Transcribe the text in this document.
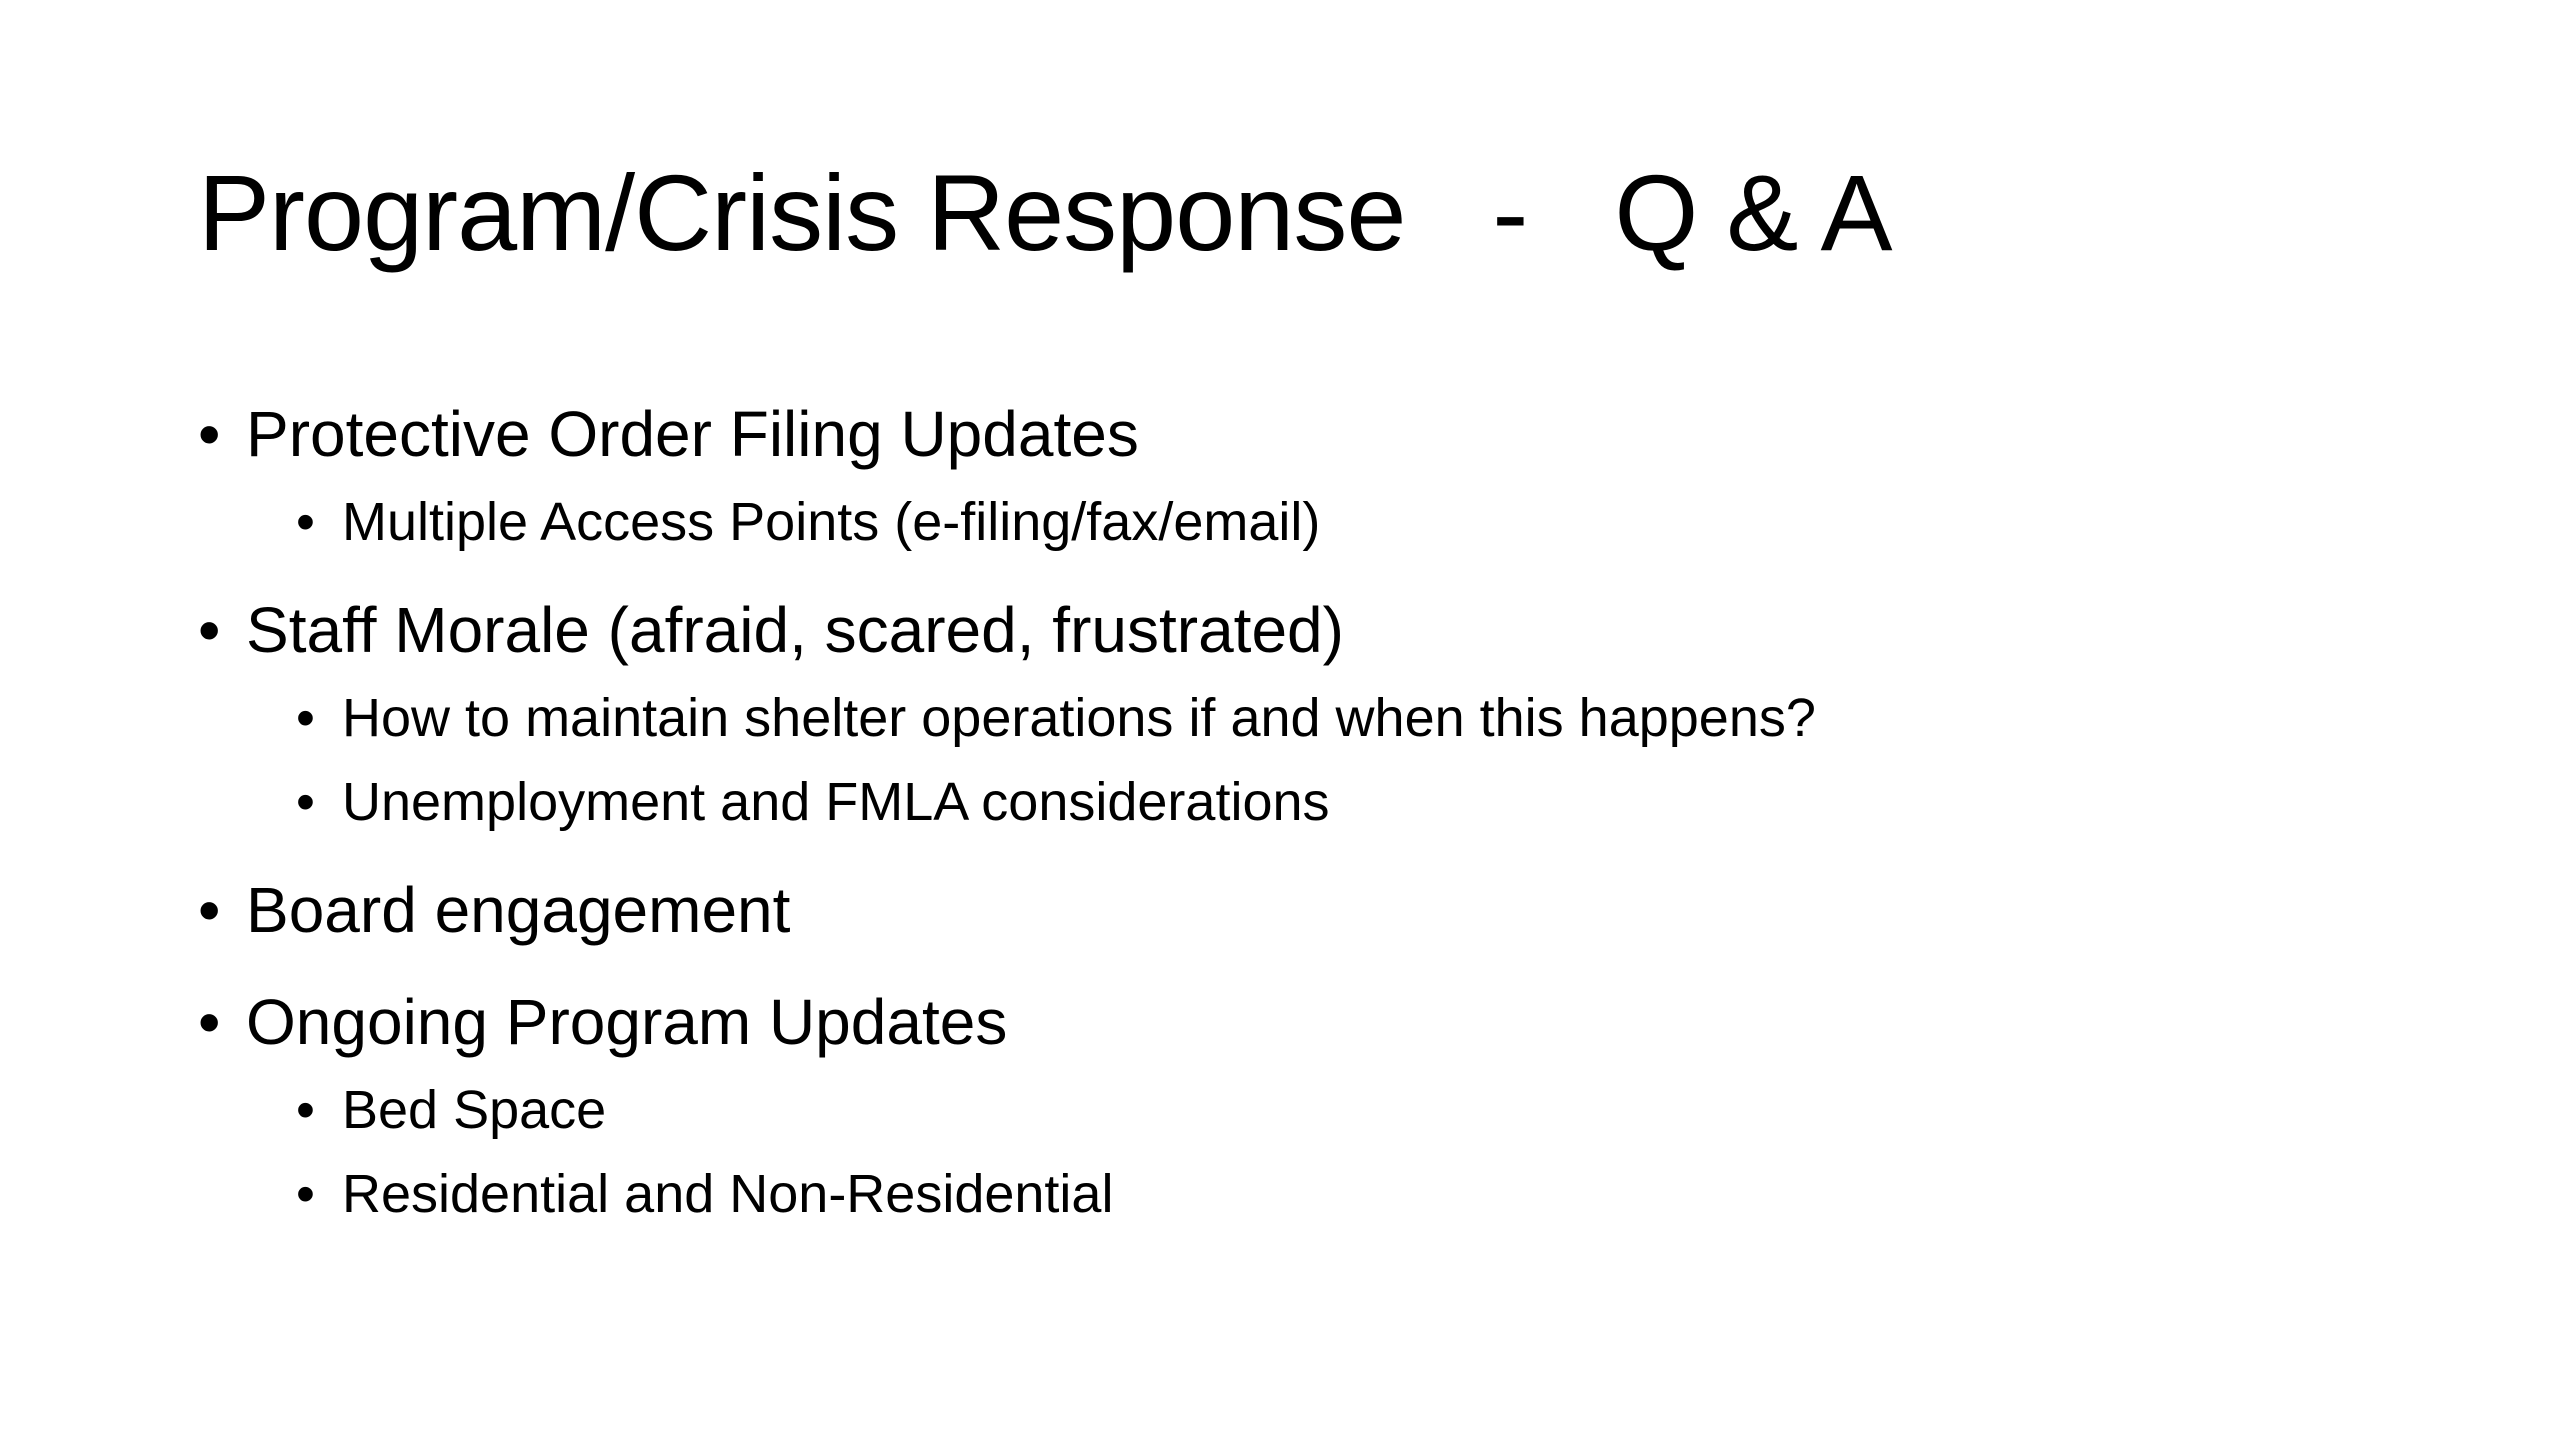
Program/Crisis Response   -   Q & A
• Protective Order Filing Updates
• Multiple Access Points (e-filing/fax/email)
• Staff Morale (afraid, scared, frustrated)
• How to maintain shelter operations if and when this happens?
• Unemployment and FMLA considerations
• Board engagement
• Ongoing Program Updates
• Bed Space
• Residential and Non-Residential
